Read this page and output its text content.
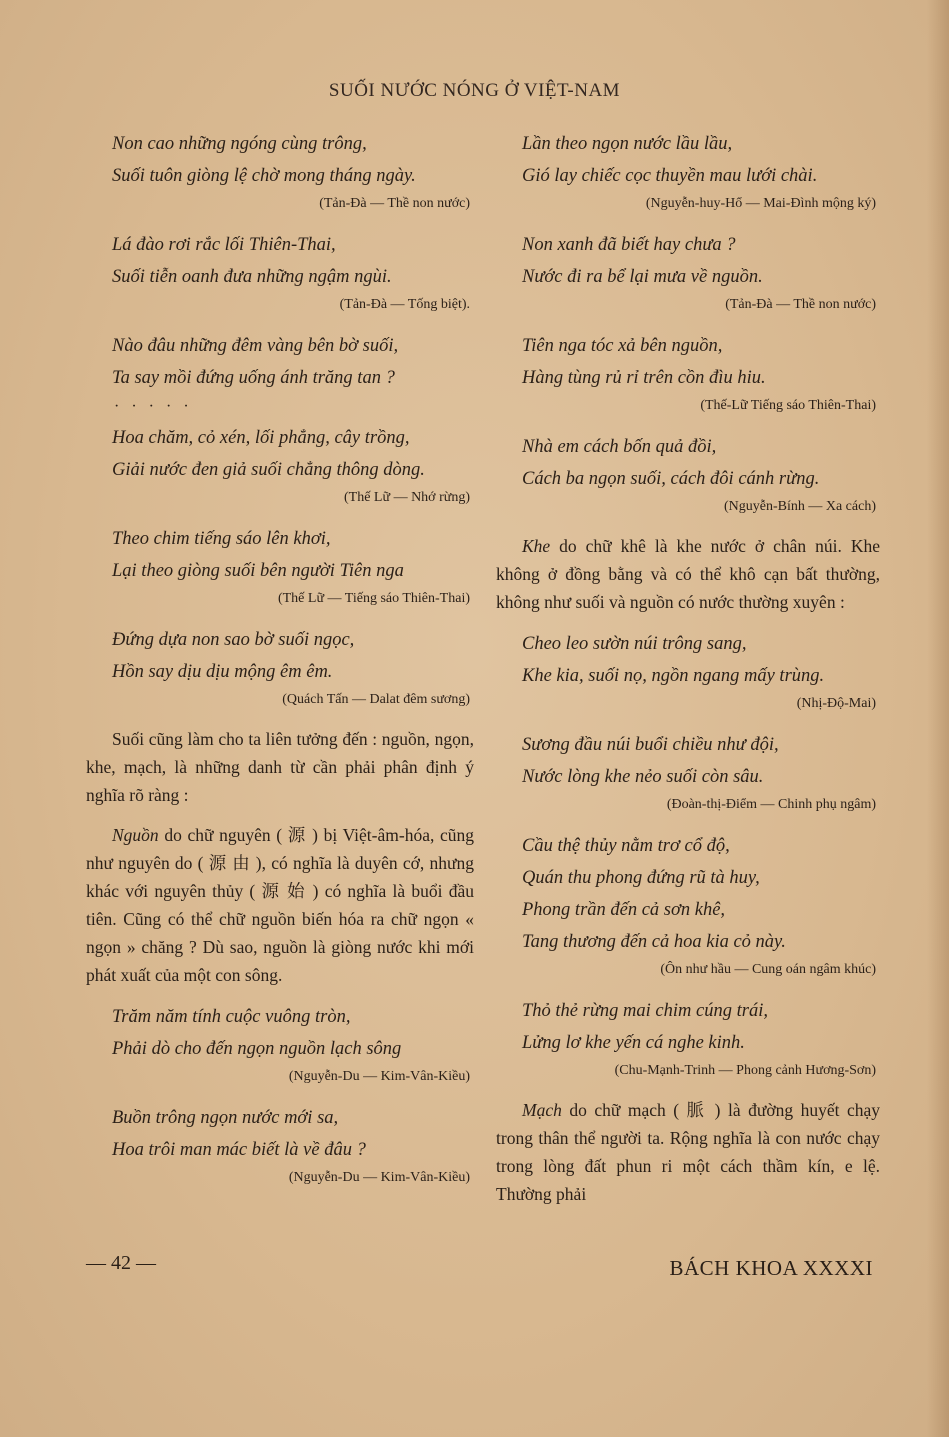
SUỐI NƯỚC NÓNG Ở VIỆT-NAM
Non cao những ngóng cùng trông,
Suối tuôn giòng lệ chờ mong tháng ngày.
(Tản-Đà — Thề non nước)
Lá đào rơi rắc lối Thiên-Thai,
Suối tiễn oanh đưa những ngậm ngùi.
(Tản-Đà — Tống biệt).
Nào đâu những đêm vàng bên bờ suối,
Ta say mồi đứng uống ánh trăng tan ?
· · · · ·
Hoa chăm, cỏ xén, lối phẳng, cây trồng,
Giải nước đen giả suối chẳng thông dòng.
(Thế Lữ — Nhớ rừng)
Theo chim tiếng sáo lên khơi,
Lại theo giòng suối bên người Tiên nga
(Thế Lữ — Tiếng sáo Thiên-Thai)
Đứng dựa non sao bờ suối ngọc,
Hồn say dịu dịu mộng êm êm.
(Quách Tấn — Dalat đêm sương)

Suối cũng làm cho ta liên tưởng đến : nguồn, ngọn, khe, mạch, là những danh từ cần phải phân định ý nghĩa rõ ràng :

Nguồn do chữ nguyên ( 源 ) bị Việt-âm-hóa, cũng như nguyên do ( 源 由 ), có nghĩa là duyên cớ, nhưng khác với nguyên thủy ( 源 始 ) có nghĩa là buổi đầu tiên. Cũng có thể chữ nguồn biến hóa ra chữ ngọn « ngọn » chăng ? Dù sao, nguồn là giòng nước khi mới phát xuất của một con sông.

Trăm năm tính cuộc vuông tròn,
Phải dò cho đến ngọn nguồn lạch sông
(Nguyễn-Du — Kim-Vân-Kiều)
Buồn trông ngọn nước mới sa,
Hoa trôi man mác biết là về đâu ?
(Nguyễn-Du — Kim-Vân-Kiều)
Lần theo ngọn nước lầu lầu,
Gió lay chiếc cọc thuyền mau lưới chài.
(Nguyễn-huy-Hổ — Mai-Đình mộng ký)
Non xanh đã biết hay chưa ?
Nước đi ra bể lại mưa về nguồn.
(Tản-Đà — Thề non nước)
Tiên nga tóc xả bên nguồn,
Hàng tùng rủ rỉ trên cồn đìu hiu.
(Thế-Lữ Tiếng sáo Thiên-Thai)
Nhà em cách bốn quả đồi,
Cách ba ngọn suối, cách đôi cánh rừng.
(Nguyễn-Bính — Xa cách)

Khe do chữ khê là khe nước ở chân núi. Khe không ở đồng bằng và có thể khô cạn bất thường, không như suối và nguồn có nước thường xuyên :

Cheo leo sườn núi trông sang,
Khe kia, suối nọ, ngồn ngang mấy trùng.
(Nhị-Độ-Mai)
Sương đầu núi buổi chiều như đội,
Nước lòng khe nẻo suối còn sâu.
(Đoàn-thị-Điểm — Chinh phụ ngâm)
Cầu thệ thủy nằm trơ cổ độ,
Quán thu phong đứng rũ tà huy,
Phong trần đến cả sơn khê,
Tang thương đến cả hoa kia cỏ này.
(Ôn như hầu — Cung oán ngâm khúc)
Thỏ thẻ rừng mai chim cúng trái,
Lửng lơ khe yến cá nghe kinh.
(Chu-Mạnh-Trinh — Phong cảnh Hương-Sơn)

Mạch do chữ mạch ( 脈 ) là đường huyết chạy trong thân thể người ta. Rộng nghĩa là con nước chạy trong lòng đất phun ri một cách thầm kín, e lệ. Thường phải

— 42 —	BÁCH KHOA XXXXI
